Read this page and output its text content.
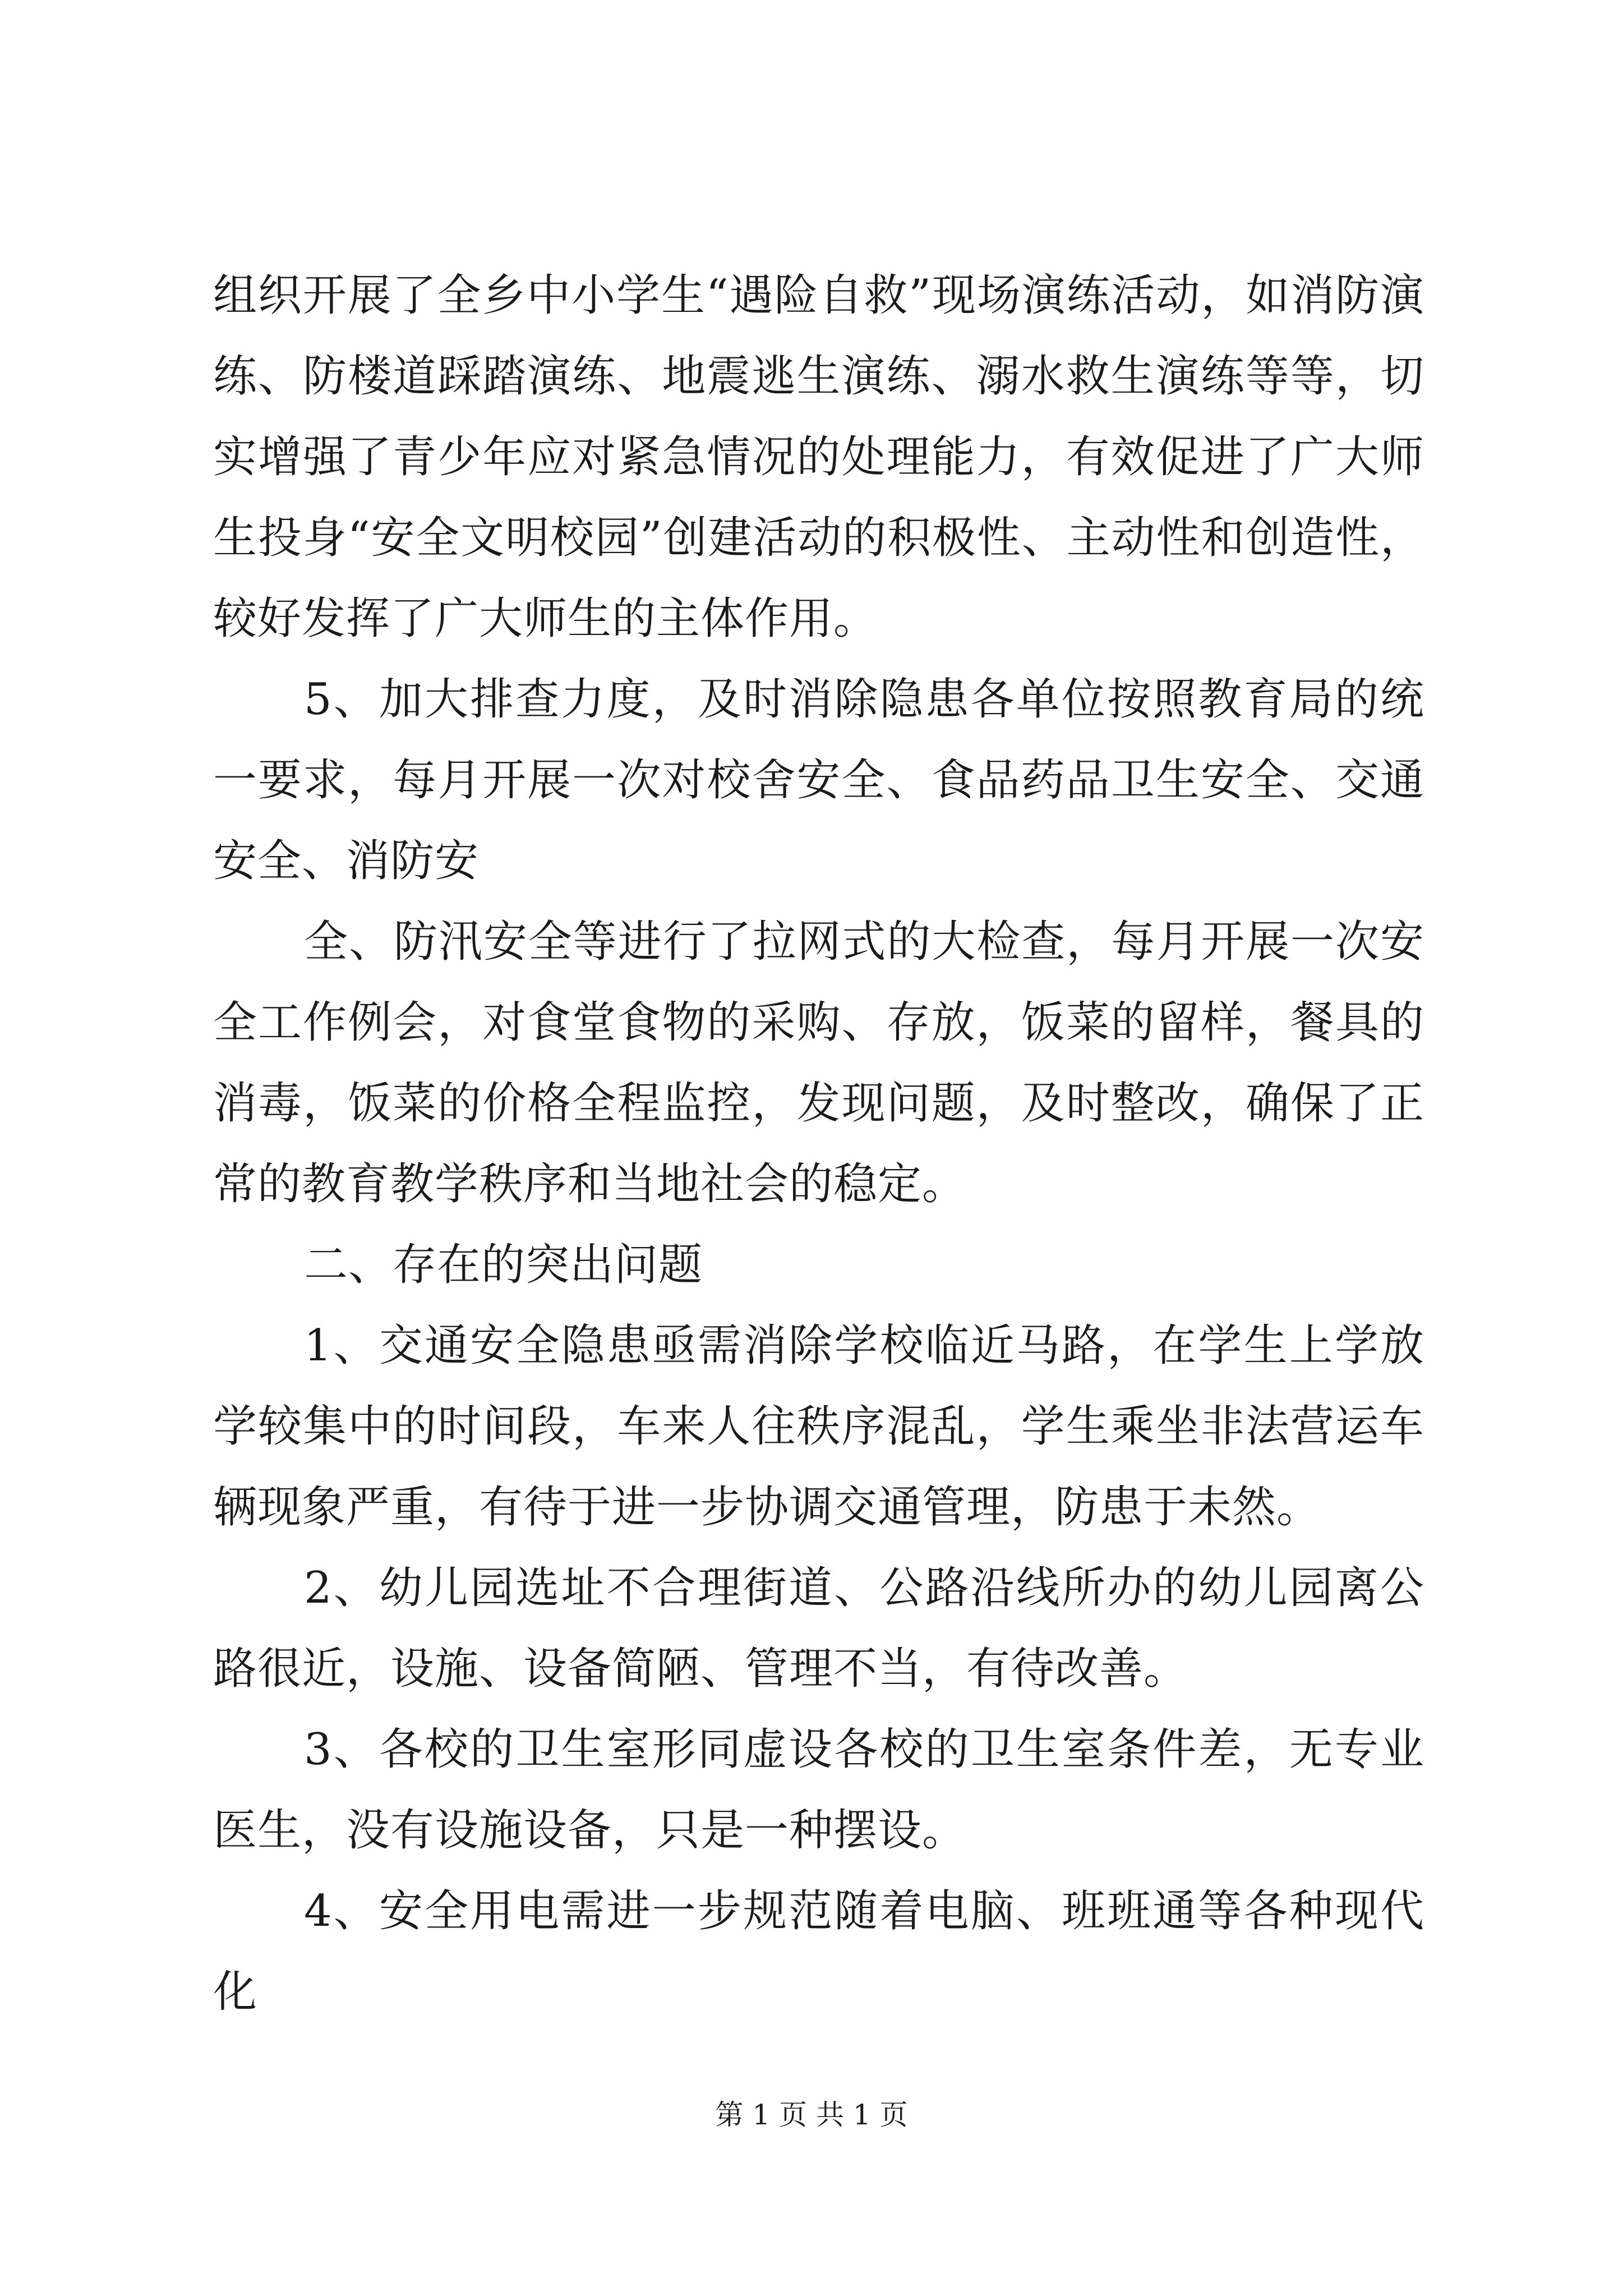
组织开展了全乡中小学生“遇险自救”现场演练活动，如消防演练、防楼道踩踏演练、地震逃生演练、溺水救生演练等等，切实增强了青少年应对紧急情况的处理能力，有效促进了广大师生投身“安全文明校园”创建活动的积极性、主动性和创造性，较好发挥了广大师生的主体作用。

5、加大排查力度，及时消除隐患各单位按照教育局的统一要求，每月开展一次对校舍安全、食品药品卫生安全、交通安全、消防安

全、防汛安全等进行了拉网式的大检查，每月开展一次安全工作例会，对食堂食物的采购、存放，饭菜的留样，餐具的消毒，饭菜的价格全程监控，发现问题，及时整改，确保了正常的教育教学秩序和当地社会的稳定。

二、存在的突出问题

1、交通安全隐患亟需消除学校临近马路，在学生上学放学较集中的时间段，车来人往秩序混乱，学生乘坐非法营运车辆现象严重，有待于进一步协调交通管理，防患于未然。

2、幼儿园选址不合理街道、公路沿线所办的幼儿园离公路很近，设施、设备简陋、管理不当，有待改善。

3、各校的卫生室形同虚设各校的卫生室条件差，无专业医生，没有设施设备，只是一种摆设。

4、安全用电需进一步规范随着电脑、班班通等各种现代化

第 1 页 共 1 页
